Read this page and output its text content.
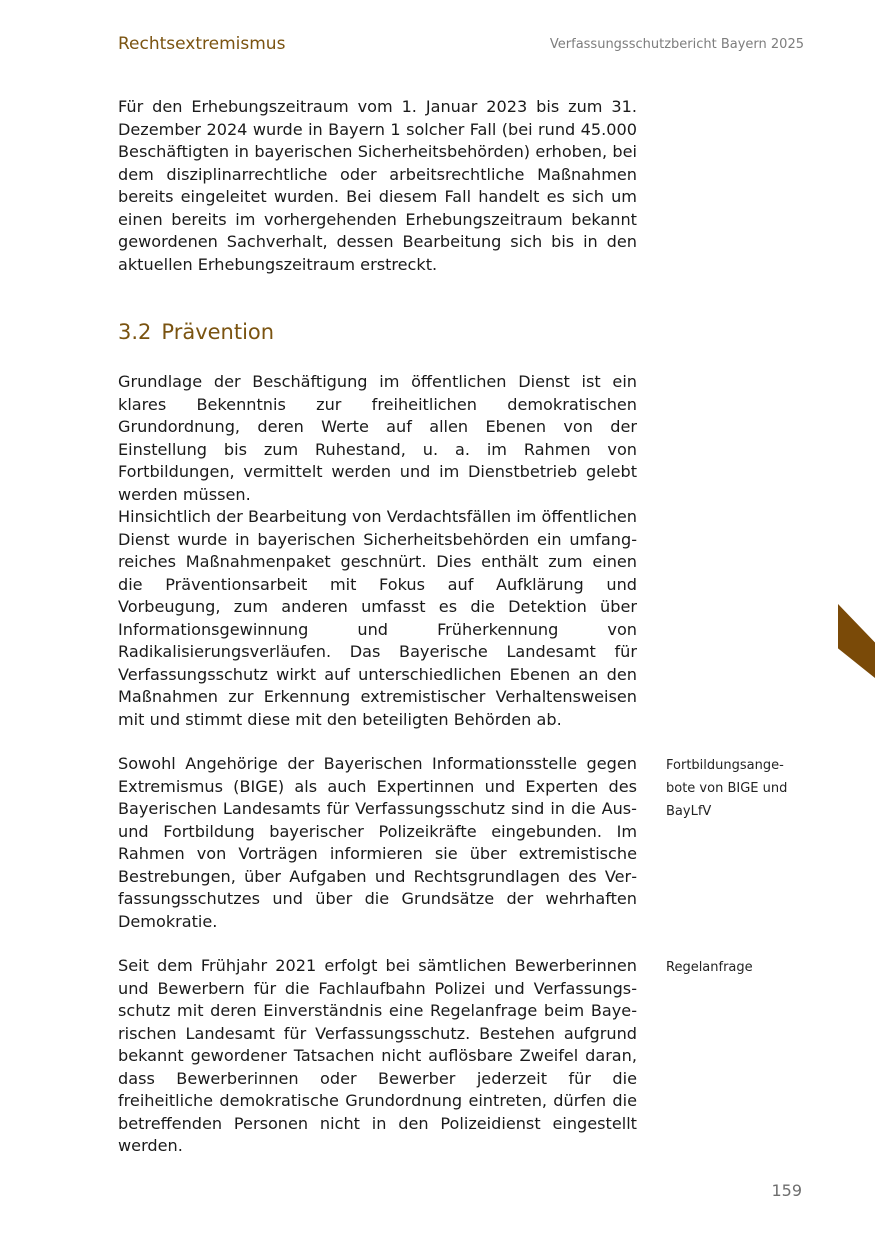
Rechtsextremismus	Verfassungsschutzbericht Bayern 2025

Für den Erhebungszeitraum vom 1. Januar 2023 bis zum 31. Dezember 2024 wurde in Bayern 1 solcher Fall (bei rund 45.000 Beschäftigten in bayerischen Sicherheitsbehörden) erhoben, bei dem disziplinarrechtliche oder arbeitsrechtliche Maßnahmen bereits eingeleitet wurden. Bei diesem Fall handelt es sich um einen bereits im vorhergehenden Erhebungszeitraum bekannt gewordenen Sachverhalt, dessen Bearbeitung sich bis in den aktuellen Erhebungszeitraum erstreckt.

3.2 Prävention

Grundlage der Beschäftigung im öffentlichen Dienst ist ein klares Bekenntnis zur freiheitlichen demokratischen Grundordnung, deren Werte auf allen Ebenen von der Einstellung bis zum Ruhestand, u. a. im Rahmen von Fortbildungen, vermittelt werden und im Dienstbetrieb gelebt werden müssen.

Hinsichtlich der Bearbeitung von Verdachtsfällen im öffentlichen Dienst wurde in bayerischen Sicherheitsbehörden ein umfangreiches Maßnahmenpaket geschnürt. Dies enthält zum einen die Präventionsarbeit mit Fokus auf Aufklärung und Vorbeugung, zum anderen umfasst es die Detektion über Informationsgewinnung und Früherkennung von Radikalisierungsverläufen. Das Bayerische Landesamt für Verfassungsschutz wirkt auf unterschiedlichen Ebenen an den Maßnahmen zur Erkennung extremistischer Verhaltensweisen mit und stimmt diese mit den beteiligten Behörden ab.

Sowohl Angehörige der Bayerischen Informationsstelle gegen Extremismus (BIGE) als auch Expertinnen und Experten des Bayerischen Landesamts für Verfassungsschutz sind in die Aus- und Fortbildung bayerischer Polizeikräfte eingebunden. Im Rahmen von Vorträgen informieren sie über extremistische Bestrebungen, über Aufgaben und Rechtsgrundlagen des Verfassungsschutzes und über die Grundsätze der wehrhaften Demokratie.

Seit dem Frühjahr 2021 erfolgt bei sämtlichen Bewerberinnen und Bewerbern für die Fachlaufbahn Polizei und Verfassungsschutz mit deren Einverständnis eine Regelanfrage beim Bayerischen Landesamt für Verfassungsschutz. Bestehen aufgrund bekannt gewordener Tatsachen nicht auflösbare Zweifel daran, dass Bewerberinnen oder Bewerber jederzeit für die freiheitliche demokratische Grundordnung eintreten, dürfen die betreffenden Personen nicht in den Polizeidienst eingestellt werden.

Fortbildungsangebote von BIGE und BayLfV

Regelanfrage

159
